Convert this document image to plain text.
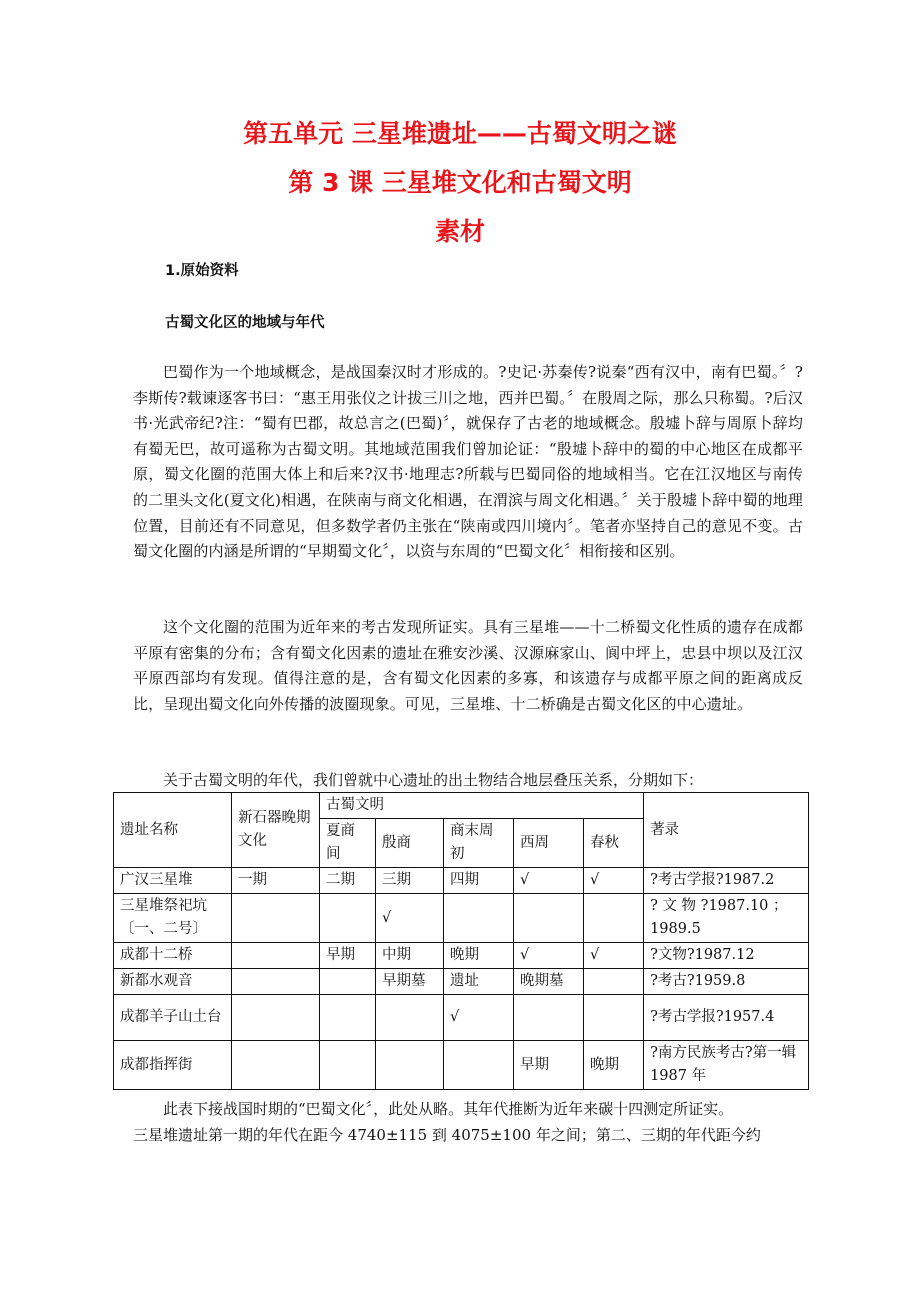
第五单元 三星堆遗址——古蜀文明之谜
第 3 课 三星堆文化和古蜀文明
素材

1.原始资料

古蜀文化区的地域与年代

巴蜀作为一个地域概念，是战国秦汉时才形成的。?史记·苏秦传?说秦“西有汉中，南有巴蜀。〞?李斯传?载谏逐客书曰：“惠王用张仪之计拔三川之地，西并巴蜀。〞在殷周之际，那么只称蜀。?后汉书·光武帝纪?注：“蜀有巴郡，故总言之(巴蜀)〞，就保存了古老的地域概念。殷墟卜辞与周原卜辞均有蜀无巴，故可遥称为古蜀文明。其地域范围我们曾加论证：“殷墟卜辞中的蜀的中心地区在成都平原，蜀文化圈的范围大体上和后来?汉书·地理志?所载与巴蜀同俗的地域相当。它在江汉地区与南传的二里头文化(夏文化)相遇，在陕南与商文化相遇，在渭滨与周文化相遇。〞关于殷墟卜辞中蜀的地理位置，目前还有不同意见，但多数学者仍主张在“陕南或四川境内〞。笔者亦坚持自己的意见不变。古蜀文化圈的内涵是所谓的“早期蜀文化〞，以资与东周的“巴蜀文化〞相衔接和区别。

这个文化圈的范围为近年来的考古发现所证实。具有三星堆——十二桥蜀文化性质的遗存在成都平原有密集的分布；含有蜀文化因素的遗址在雅安沙溪、汉源麻家山、阆中坪上，忠县中坝以及江汉平原西部均有发现。值得注意的是，含有蜀文化因素的多寡，和该遗存与成都平原之间的距离成反比，呈现出蜀文化向外传播的波圈现象。可见，三星堆、十二桥确是古蜀文化区的中心遗址。

关于古蜀文明的年代，我们曾就中心遗址的出土物结合地层叠压关系，分期如下：

遗址名称	新石器晚期文化	古蜀文明					著录
		夏商间	殷商	商末周初	西周	春秋	
广汉三星堆	一期	二期	三期	四期	√	√	?考古学报?1987.2
三星堆祭祀坑〔一、二号〕			√				? 文 物 ?1987.10 ；1989.5
成都十二桥		早期	中期	晚期	√	√	?文物?1987.12
新都水观音			早期墓	遗址	晚期墓		?考古?1959.8
成都羊子山土台				√			?考古学报?1957.4
成都指挥街					早期	晚期	?南方民族考古?第一辑 1987 年

此表下接战国时期的“巴蜀文化〞，此处从略。其年代推断为近年来碳十四测定所证实。

三星堆遗址第一期的年代在距今 4740±115 到 4075±100 年之间；第二、三期的年代距今约
